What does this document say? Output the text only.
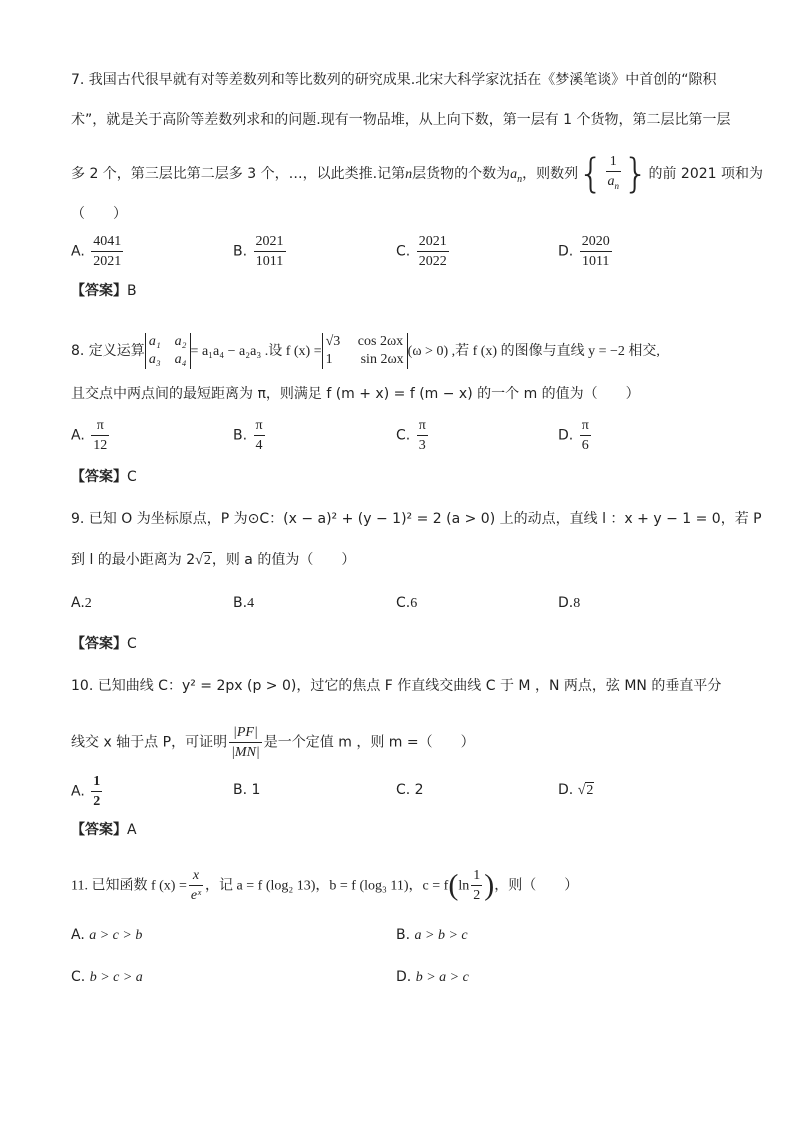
7. 我国古代很早就有对等差数列和等比数列的研究成果.北宋大科学家沈括在《梦溪笔谈》中首创的“隙积
术”，就是关于高阶等差数列求和的问题.现有一物品堆，从上向下数，第一层有 1 个货物，第二层比第一层
多 2 个，第三层比第二层多 3 个，…，以此类推.记第n层货物的个数为$a_n$，则数列{ $\frac{1}{a_n}$ }的前 2021 项和为
（　　）
A. $\frac{4041}{2021}$	B. $\frac{2021}{1011}$	C. $\frac{2021}{2022}$	D. $\frac{2020}{1011}$
【答案】B
8. 定义运算
a₁　a₂
a₃　a₄
= a₁a₄ − a₂a₃ .设 f (x) =
√3　 cos 2ωx
1　　sin 2ωx
(ω > 0) ,若 f (x) 的图像与直线 y = −2 相交,
且交点中两点间的最短距离为 π，则满足 f (m + x) = f (m − x) 的一个 m 的值为（　　）
A. $\frac{\pi}{12}$	B. $\frac{\pi}{4}$	C. $\frac{\pi}{3}$	D. $\frac{\pi}{6}$
【答案】C
9. 已知 O 为坐标原点，P 为⊙C：(x − a)² + (y − 1)² = 2 (a > 0) 上的动点，直线 l ：x + y − 1 = 0，若 P
到 l 的最小距离为 2√2，则 a 的值为（　　）
A.2	B.4	C.6	D.8
【答案】C
10. 已知曲线 C：y² = 2px (p > 0)，过它的焦点 F 作直线交曲线 C 于 M ，N 两点，弦 MN 的垂直平分
线交 x 轴于点 P，可证明 $\frac{|PF|}{|MN|}$ 是一个定值 m ，则 m =（　　）
A. $\frac{1}{2}$	B. 1	C. 2	D. √2
【答案】A
11. 已知函数 f $(x) = \frac{x}{\text{eˣ}}$ ，记 a = f (log₂ 13)，b = f (log₃ 11)，$c = f(\ln \frac{1}{2}$ )，则（　　）
A. a > c > b	B. a > b > c
C. b > c > a	D. b > a > c
